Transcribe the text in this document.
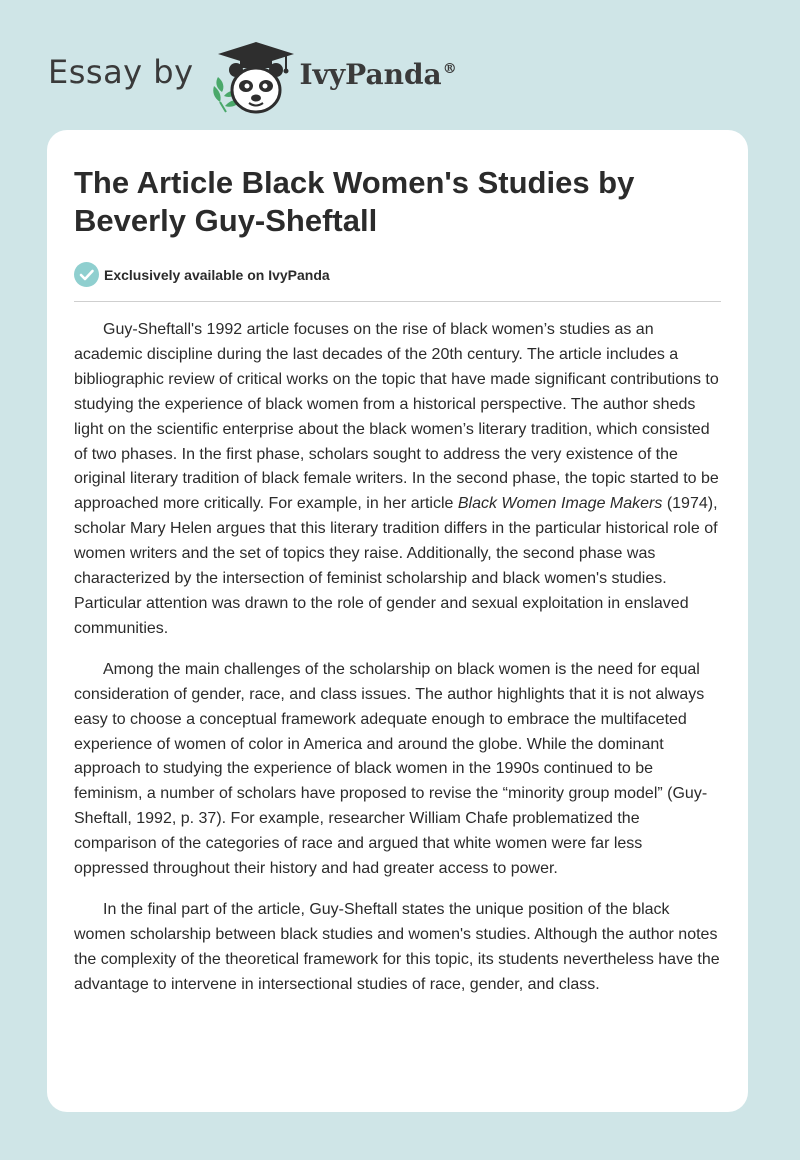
Essay by	IvyPanda®
The Article Black Women's Studies by Beverly Guy-Sheftall
Exclusively available on IvyPanda

Guy-Sheftall's 1992 article focuses on the rise of black women’s studies as an academic discipline during the last decades of the 20th century. The article includes a bibliographic review of critical works on the topic that have made significant contributions to studying the experience of black women from a historical perspective. The author sheds light on the scientific enterprise about the black women’s literary tradition, which consisted of two phases. In the first phase, scholars sought to address the very existence of the original literary tradition of black female writers. In the second phase, the topic started to be approached more critically. For example, in her article Black Women Image Makers (1974), scholar Mary Helen argues that this literary tradition differs in the particular historical role of women writers and the set of topics they raise. Additionally, the second phase was characterized by the intersection of feminist scholarship and black women's studies. Particular attention was drawn to the role of gender and sexual exploitation in enslaved communities.

Among the main challenges of the scholarship on black women is the need for equal consideration of gender, race, and class issues. The author highlights that it is not always easy to choose a conceptual framework adequate enough to embrace the multifaceted experience of women of color in America and around the globe. While the dominant approach to studying the experience of black women in the 1990s continued to be feminism, a number of scholars have proposed to revise the “minority group model” (Guy-Sheftall, 1992, p. 37). For example, researcher William Chafe problematized the comparison of the categories of race and argued that white women were far less oppressed throughout their history and had greater access to power.

In the final part of the article, Guy-Sheftall states the unique position of the black women scholarship between black studies and women's studies. Although the author notes the complexity of the theoretical framework for this topic, its students nevertheless have the advantage to intervene in intersectional studies of race, gender, and class.
